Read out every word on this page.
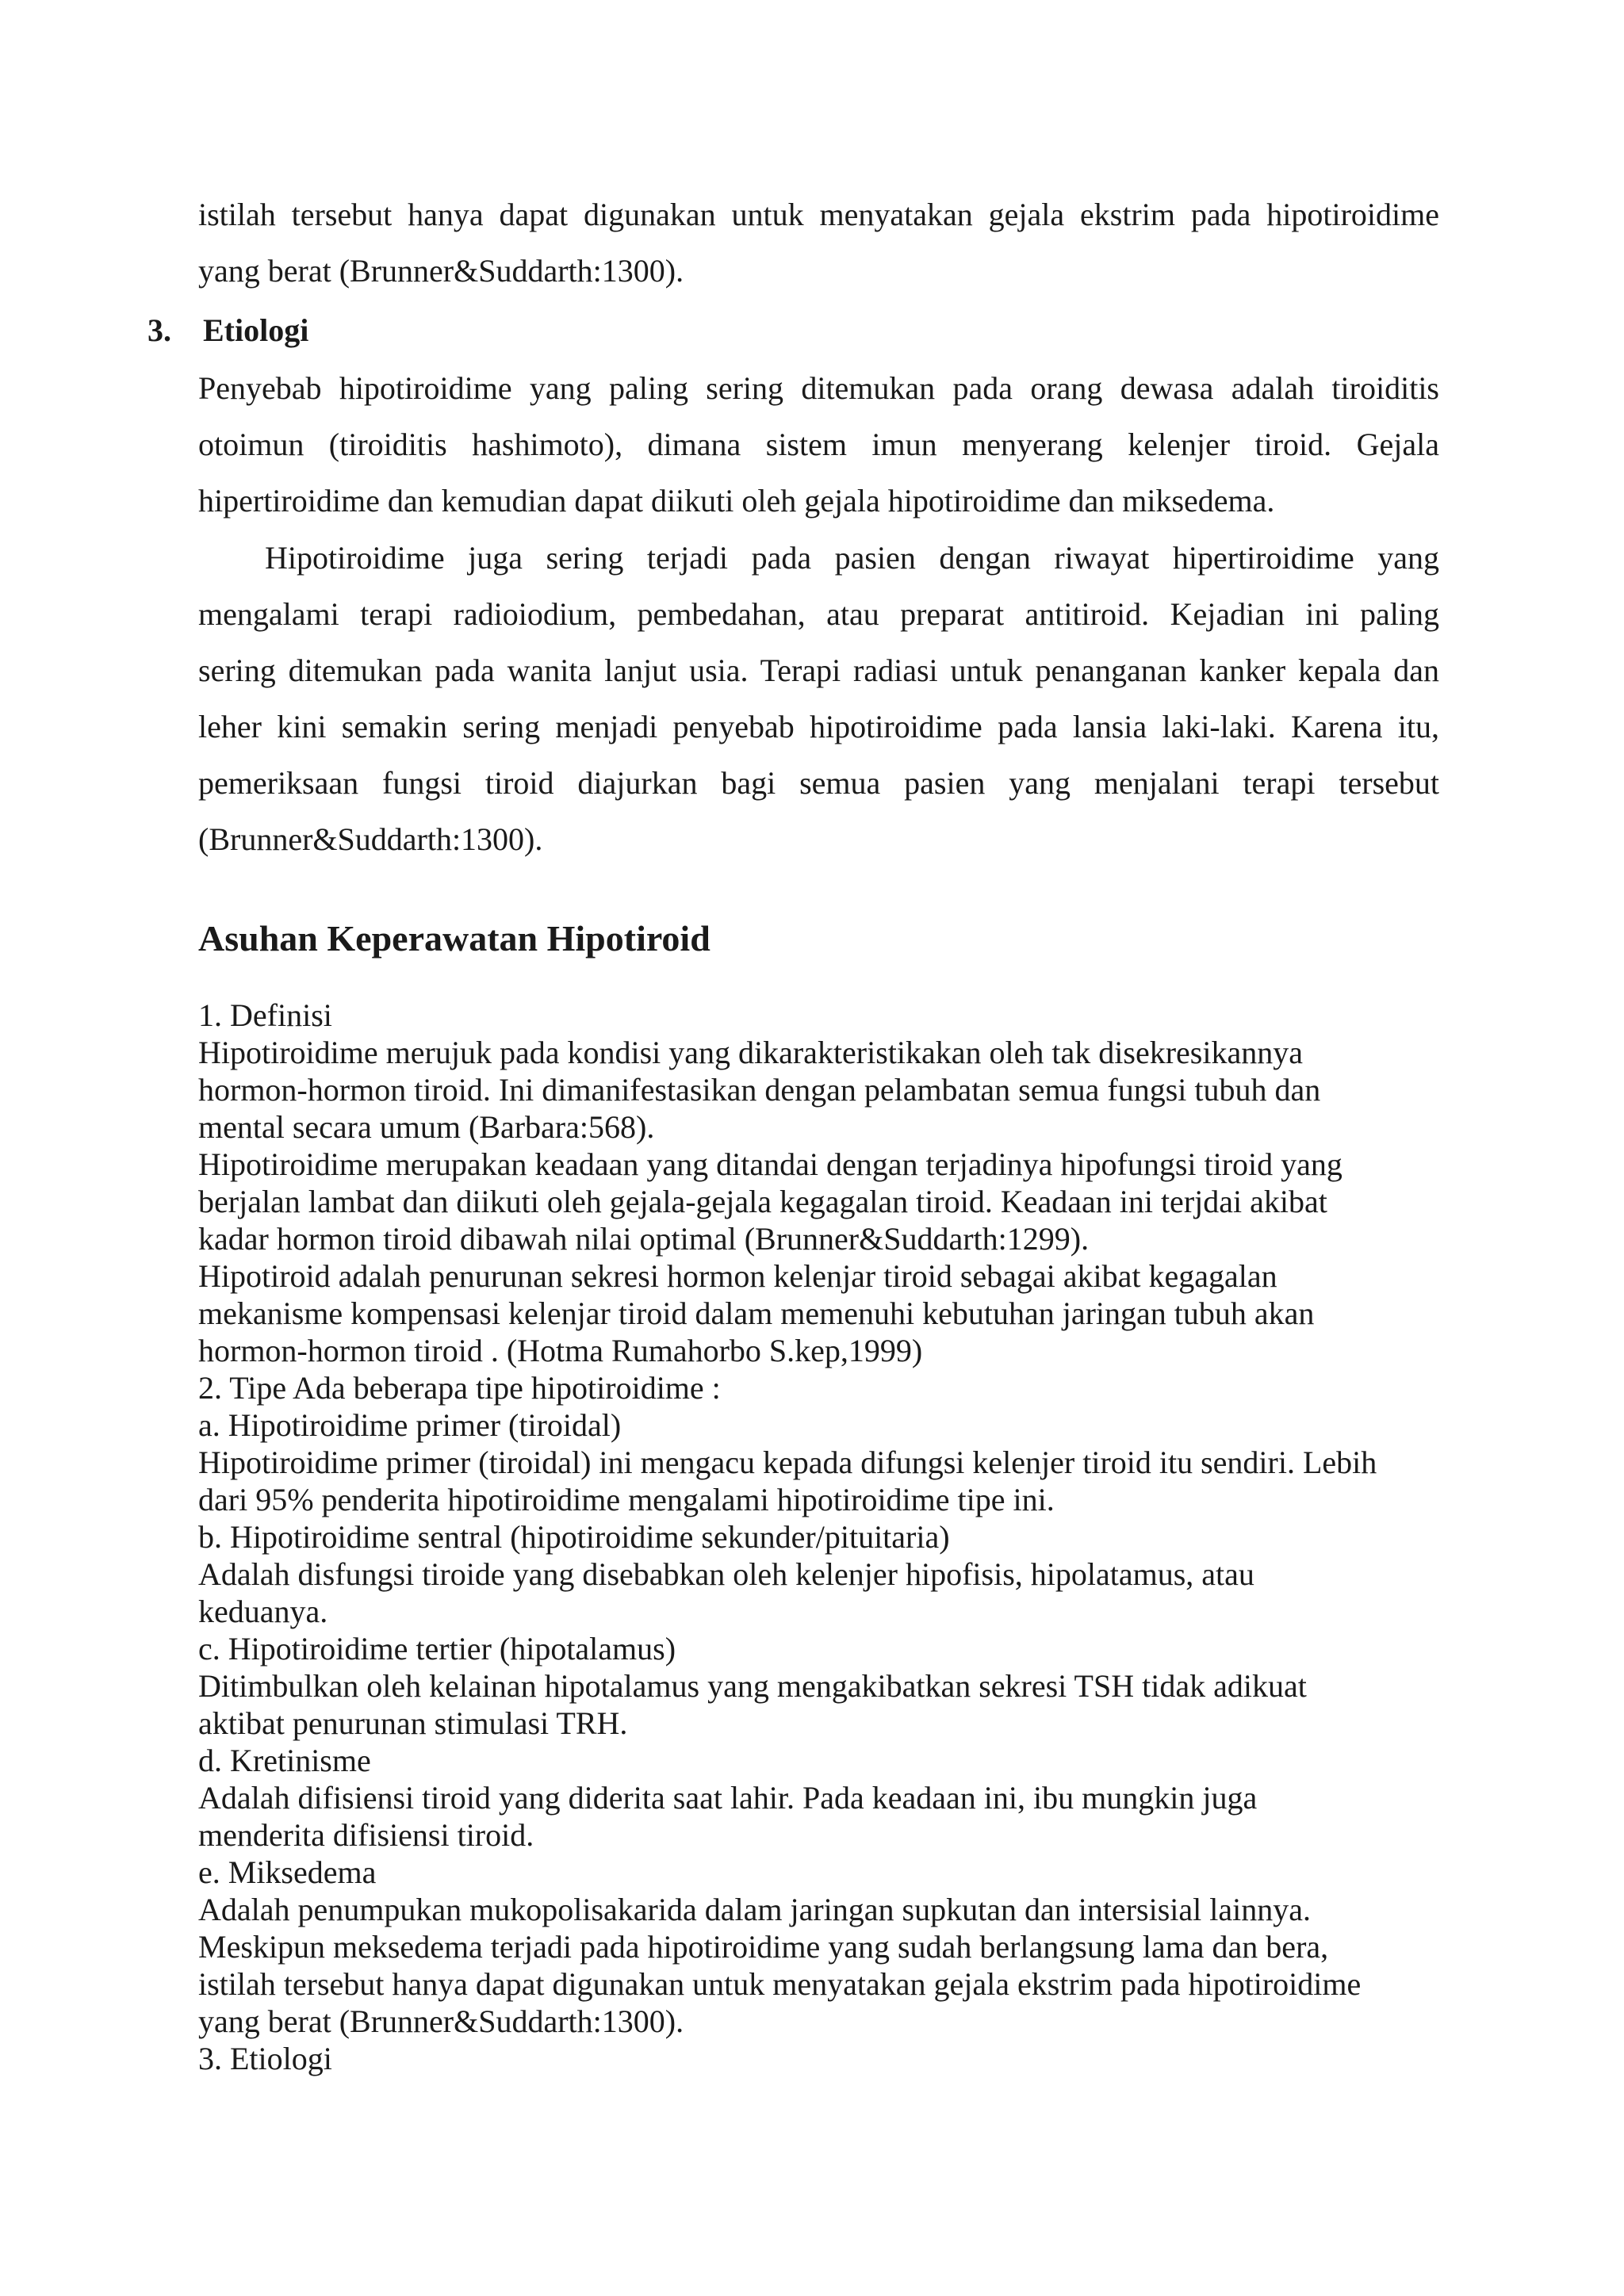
istilah tersebut hanya dapat digunakan untuk menyatakan gejala ekstrim pada hipotiroidime
yang berat (Brunner&Suddarth:1300).
3. Etiologi
Penyebab hipotiroidime yang paling sering ditemukan pada orang dewasa adalah tiroiditis
otoimun (tiroiditis hashimoto), dimana sistem imun menyerang kelenjer tiroid. Gejala
hipertiroidime dan kemudian dapat diikuti oleh gejala hipotiroidime dan miksedema.
Hipotiroidime juga sering terjadi pada pasien dengan riwayat hipertiroidime yang
mengalami terapi radioiodium, pembedahan, atau preparat antitiroid. Kejadian ini paling
sering ditemukan pada wanita lanjut usia. Terapi radiasi untuk penanganan kanker kepala dan
leher kini semakin sering menjadi penyebab hipotiroidime pada lansia laki-laki. Karena itu,
pemeriksaan fungsi tiroid diajurkan bagi semua pasien yang menjalani terapi tersebut
(Brunner&Suddarth:1300).
Asuhan Keperawatan Hipotiroid
1. Definisi
Hipotiroidime merujuk pada kondisi yang dikarakteristikakan oleh tak disekresikannya
hormon-hormon tiroid. Ini dimanifestasikan dengan pelambatan semua fungsi tubuh dan
mental secara umum (Barbara:568).
Hipotiroidime merupakan keadaan yang ditandai dengan terjadinya hipofungsi tiroid yang
berjalan lambat dan diikuti oleh gejala-gejala kegagalan tiroid. Keadaan ini terjdai akibat
kadar hormon tiroid dibawah nilai optimal (Brunner&Suddarth:1299).
Hipotiroid adalah penurunan sekresi hormon kelenjar tiroid sebagai akibat kegagalan
mekanisme kompensasi kelenjar tiroid dalam memenuhi kebutuhan jaringan tubuh akan
hormon-hormon tiroid . (Hotma Rumahorbo S.kep,1999)
2. Tipe Ada beberapa tipe hipotiroidime :
a. Hipotiroidime primer (tiroidal)
Hipotiroidime primer (tiroidal) ini mengacu kepada difungsi kelenjer tiroid itu sendiri. Lebih
dari 95% penderita hipotiroidime mengalami hipotiroidime tipe ini.
b. Hipotiroidime sentral (hipotiroidime sekunder/pituitaria)
Adalah disfungsi tiroide yang disebabkan oleh kelenjer hipofisis, hipolatamus, atau
keduanya.
c. Hipotiroidime tertier (hipotalamus)
Ditimbulkan oleh kelainan hipotalamus yang mengakibatkan sekresi TSH tidak adikuat
aktibat penurunan stimulasi TRH.
d. Kretinisme
Adalah difisiensi tiroid yang diderita saat lahir. Pada keadaan ini, ibu mungkin juga
menderita difisiensi tiroid.
e. Miksedema
Adalah penumpukan mukopolisakarida dalam jaringan supkutan dan intersisial lainnya.
Meskipun meksedema terjadi pada hipotiroidime yang sudah berlangsung lama dan bera,
istilah tersebut hanya dapat digunakan untuk menyatakan gejala ekstrim pada hipotiroidime
yang berat (Brunner&Suddarth:1300).
3. Etiologi
